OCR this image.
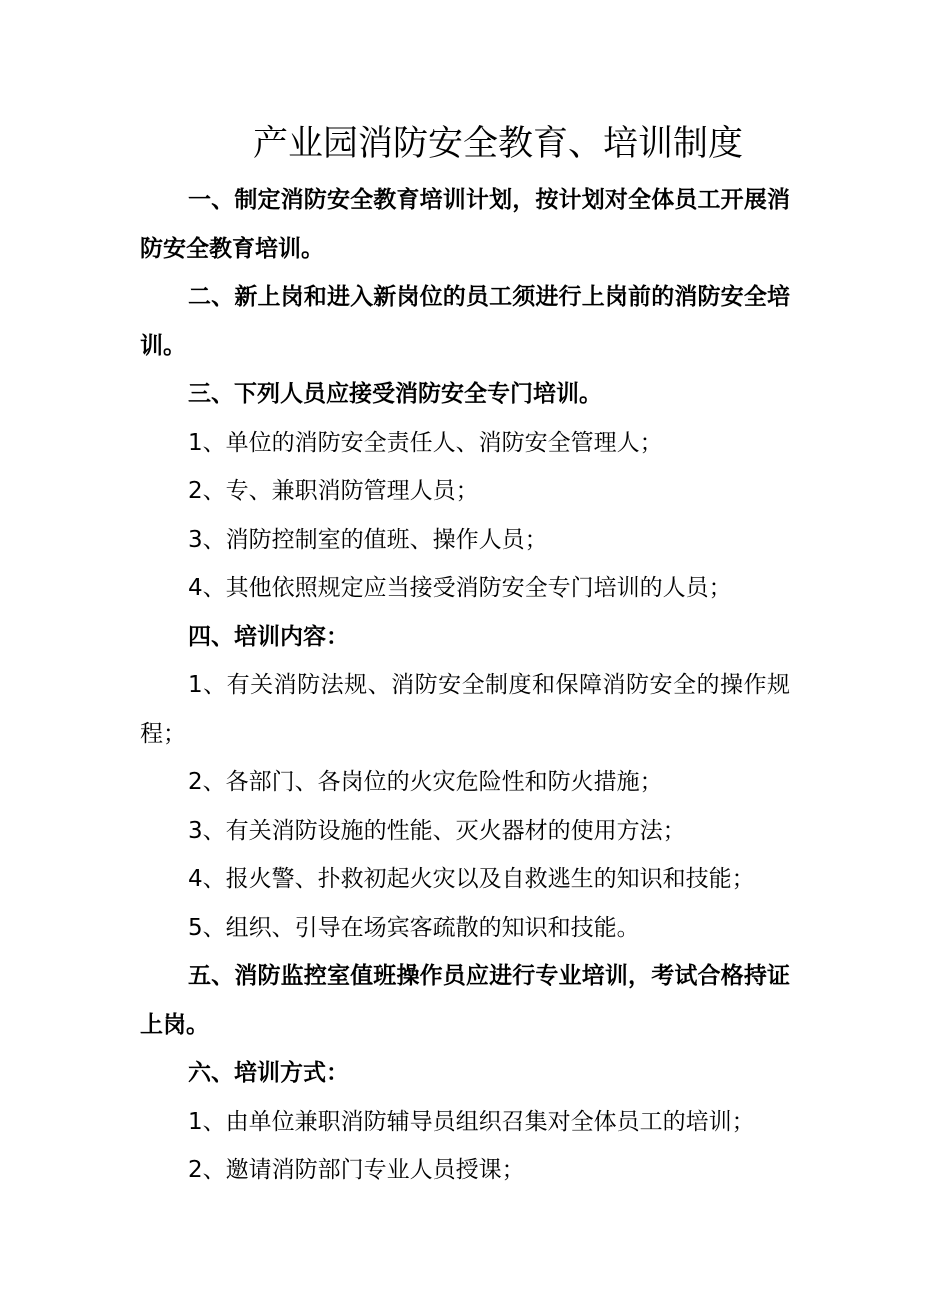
产业园消防安全教育、培训制度

一、制定消防安全教育培训计划，按计划对全体员工开展消防安全教育培训。

二、新上岗和进入新岗位的员工须进行上岗前的消防安全培训。

三、下列人员应接受消防安全专门培训。

1、单位的消防安全责任人、消防安全管理人；

2、专、兼职消防管理人员；

3、消防控制室的值班、操作人员；

4、其他依照规定应当接受消防安全专门培训的人员；

四、培训内容：

1、有关消防法规、消防安全制度和保障消防安全的操作规程；

2、各部门、各岗位的火灾危险性和防火措施；

3、有关消防设施的性能、灭火器材的使用方法；

4、报火警、扑救初起火灾以及自救逃生的知识和技能；

5、组织、引导在场宾客疏散的知识和技能。

五、消防监控室值班操作员应进行专业培训，考试合格持证上岗。

六、培训方式：

1、由单位兼职消防辅导员组织召集对全体员工的培训；

2、邀请消防部门专业人员授课；
